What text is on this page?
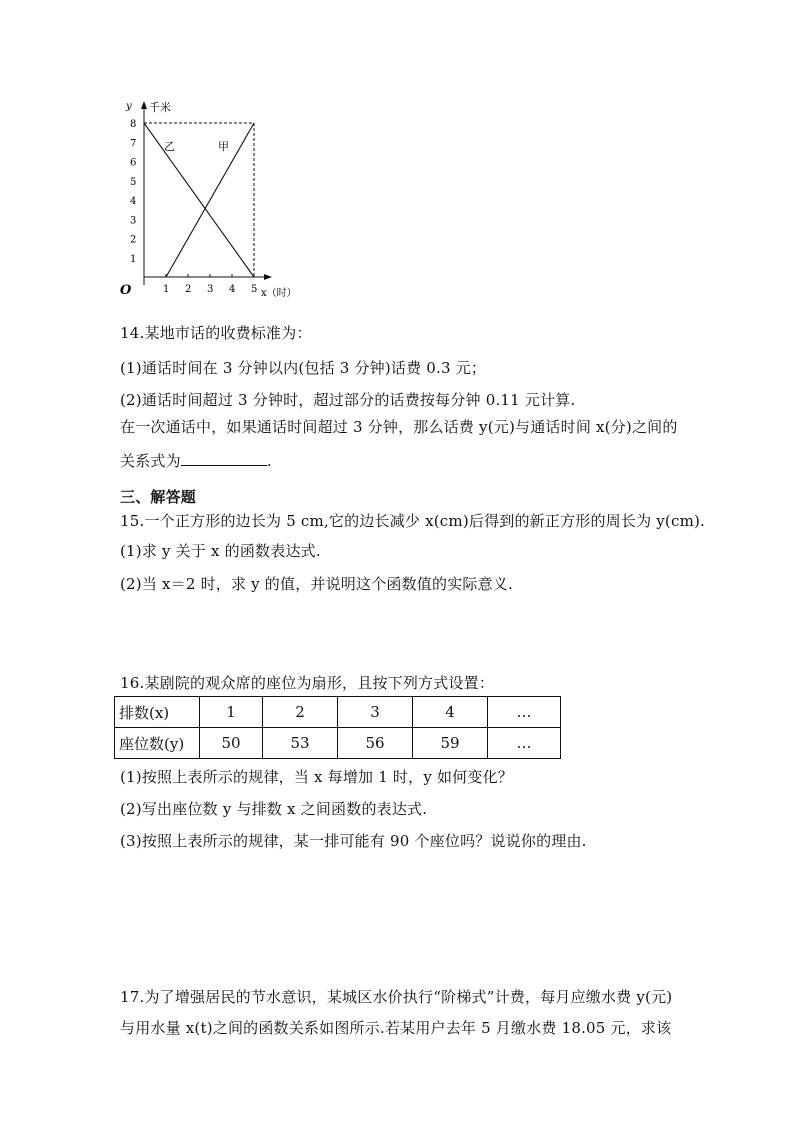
y 千米
x（时）
O
乙	甲
1
2
3
4
5
6
7
8
1 2 3 4 5
14.某地市话的收费标准为：
(1)通话时间在 3 分钟以内(包括 3 分钟)话费 0.3 元；
(2)通话时间超过 3 分钟时，超过部分的话费按每分钟 0.11 元计算.
在一次通话中，如果通话时间超过 3 分钟，那么话费 y(元)与通话时间 x(分)之间的
关系式为	.
三、解答题
15.一个正方形的边长为 5 cm,它的边长减少 x(cm)后得到的新正方形的周长为 y(cm).
(1)求 y 关于 x 的函数表达式.
(2)当 x＝2 时，求 y 的值，并说明这个函数值的实际意义.
16.某剧院的观众席的座位为扇形，且按下列方式设置：
排数(x)	1	2	3	4	…
座位数(y)	50	53	56	59	…
(1)按照上表所示的规律，当 x 每增加 1 时，y 如何变化？
(2)写出座位数 y 与排数 x 之间函数的表达式.
(3)按照上表所示的规律，某一排可能有 90 个座位吗？说说你的理由.
17.为了增强居民的节水意识，某城区水价执行“阶梯式”计费，每月应缴水费 y(元)
与用水量 x(t)之间的函数关系如图所示.若某用户去年 5 月缴水费 18.05 元，求该
